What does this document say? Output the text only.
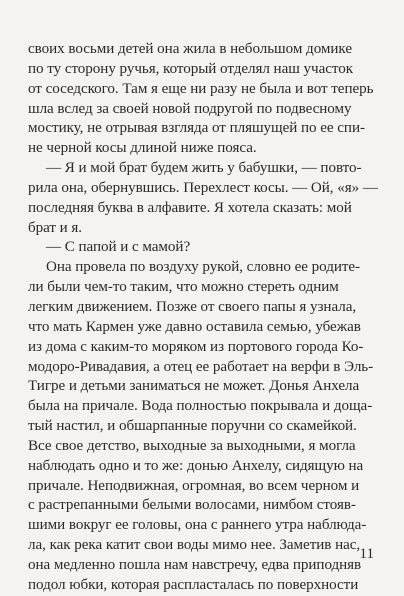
своих восьми детей она жила в небольшом домике
по ту сторону ручья, который отделял наш участок
от соседского. Там я еще ни разу не была и вот теперь
шла вслед за своей новой подругой по подвесному
мостику, не отрывая взгляда от пляшущей по ее спи-
не черной косы длиной ниже пояса.
— Я и мой брат будем жить у бабушки, — повто-
рила она, обернувшись. Перехлест косы. — Ой, «я» —
последняя буква в алфавите. Я хотела сказать: мой
брат и я.
— С папой и с мамой?
Она провела по воздуху рукой, словно ее родите-
ли были чем-то таким, что можно стереть одним
легким движением. Позже от своего папы я узнала,
что мать Кармен уже давно оставила семью, убежав
из дома с каким-то моряком из портового города Ко-
модоро-Ривадавия, а отец ее работает на верфи в Эль-
Тигре и детьми заниматься не может. Донья Анхела
была на причале. Вода полностью покрывала и доща-
тый настил, и обшарпанные поручни со скамейкой.
Все свое детство, выходные за выходными, я могла
наблюдать одно и то же: донью Анхелу, сидящую на
причале. Неподвижная, огромная, во всем черном и
с растрепанными белыми волосами, нимбом стояв-
шими вокруг ее головы, она с раннего утра наблюда-
ла, как река катит свои воды мимо нее. Заметив нас,
она медленно пошла нам навстречу, едва приподняв
подол юбки, которая распласталась по поверхности
11
